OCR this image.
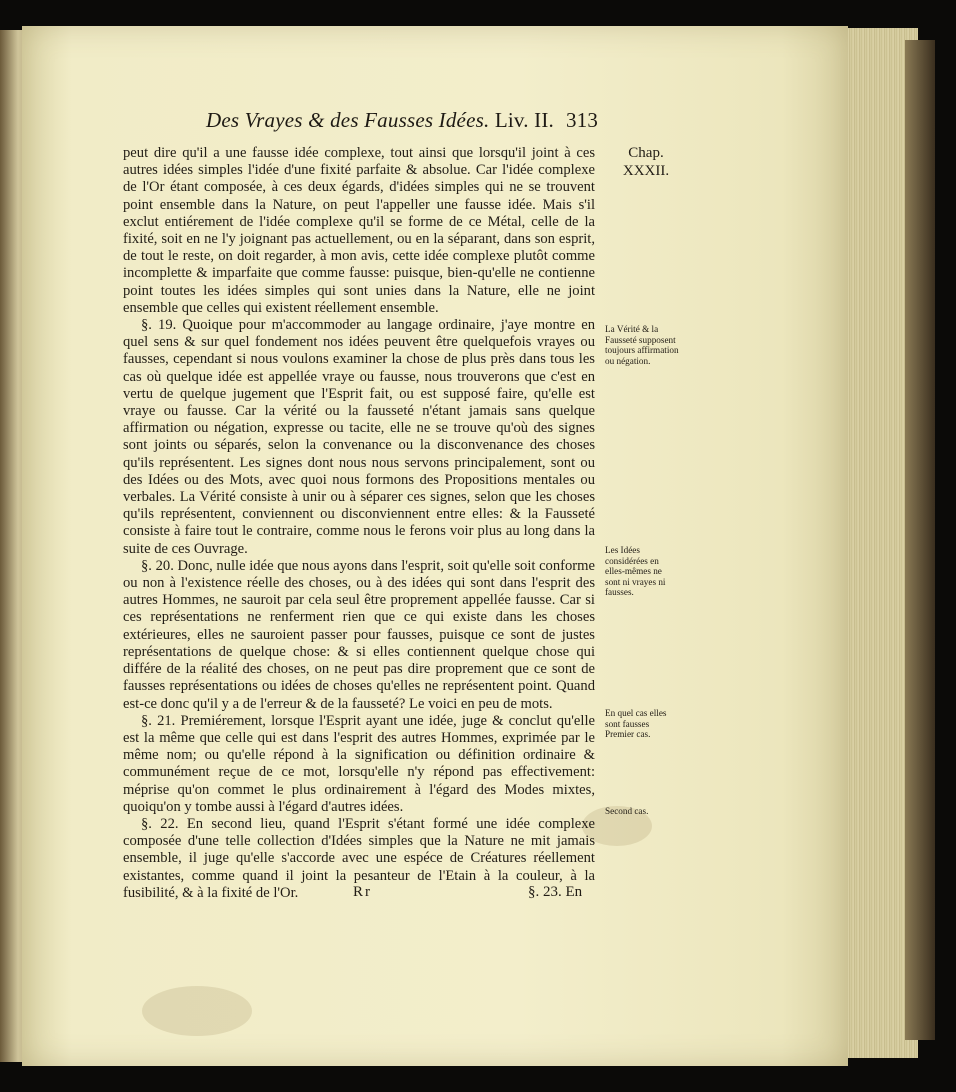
Des Vrayes & des Fausses Idées. Liv. II. 313
Chap.
XXXII.

peut dire qu'il a une fausse idée complexe, tout ainsi que lorsqu'il joint à ces autres idées simples l'idée d'une fixité parfaite & absolue. Car l'idée complexe de l'Or étant composée, à ces deux égards, d'idées simples qui ne se trouvent point ensemble dans la Nature, on peut l'appeller une fausse idée. Mais s'il exclut entiérement de l'idée complexe qu'il se forme de ce Métal, celle de la fixité, soit en ne l'y joignant pas actuellement, ou en la séparant, dans son esprit, de tout le reste, on doit regarder, à mon avis, cette idée complexe plutôt comme incomplette & imparfaite que comme fausse: puisque, bien-qu'elle ne contienne point toutes les idées simples qui sont unies dans la Nature, elle ne joint ensemble que celles qui existent réellement ensemble.

§. 19. Quoique pour m'accommoder au langage ordinaire, j'aye montre en quel sens & sur quel fondement nos idées peuvent être quelquefois vrayes ou fausses, cependant si nous voulons examiner la chose de plus près dans tous les cas où quelque idée est appellée vraye ou fausse, nous trouverons que c'est en vertu de quelque jugement que l'Esprit fait, ou est supposé faire, qu'elle est vraye ou fausse. Car la vérité ou la fausseté n'étant jamais sans quelque affirmation ou négation, expresse ou tacite, elle ne se trouve qu'où des signes sont joints ou séparés, selon la convenance ou la disconvenance des choses qu'ils représentent. Les signes dont nous nous servons principalement, sont ou des Idées ou des Mots, avec quoi nous formons des Propositions mentales ou verbales. La Vérité consiste à unir ou à séparer ces signes, selon que les choses qu'ils représentent, conviennent ou disconviennent entre elles: & la Fausseté consiste à faire tout le contraire, comme nous le ferons voir plus au long dans la suite de ces Ouvrage.

§. 20. Donc, nulle idée que nous ayons dans l'esprit, soit qu'elle soit conforme ou non à l'existence réelle des choses, ou à des idées qui sont dans l'esprit des autres Hommes, ne sauroit par cela seul être proprement appellée fausse. Car si ces représentations ne renferment rien que ce qui existe dans les choses extérieures, elles ne sauroient passer pour fausses, puisque ce sont de justes représentations de quelque chose: & si elles contiennent quelque chose qui différe de la réalité des choses, on ne peut pas dire proprement que ce sont de fausses représentations ou idées de choses qu'elles ne représentent point. Quand est-ce donc qu'il y a de l'erreur & de la fausseté? Le voici en peu de mots.

§. 21. Premiérement, lorsque l'Esprit ayant une idée, juge & conclut qu'elle est la même que celle qui est dans l'esprit des autres Hommes, exprimée par le même nom; ou qu'elle répond à la signification ou définition ordinaire & communément reçue de ce mot, lorsqu'elle n'y répond pas effectivement: méprise qu'on commet le plus ordinairement à l'égard des Modes mixtes, quoiqu'on y tombe aussi à l'égard d'autres idées.

§. 22. En second lieu, quand l'Esprit s'étant formé une idée complexe composée d'une telle collection d'Idées simples que la Nature ne mit jamais ensemble, il juge qu'elle s'accorde avec une espéce de Créatures réellement existantes, comme quand il joint la pesanteur de l'Etain à la couleur, à la fusibilité, & à la fixité de l'Or.

La Vérité & la Fausseté supposent toujours affirmation ou négation.
Les Idées considérées en elles-mêmes ne sont ni vrayes ni fausses.
En quel cas elles sont fausses Premier cas.
Second cas.
Rr	§. 23. En
